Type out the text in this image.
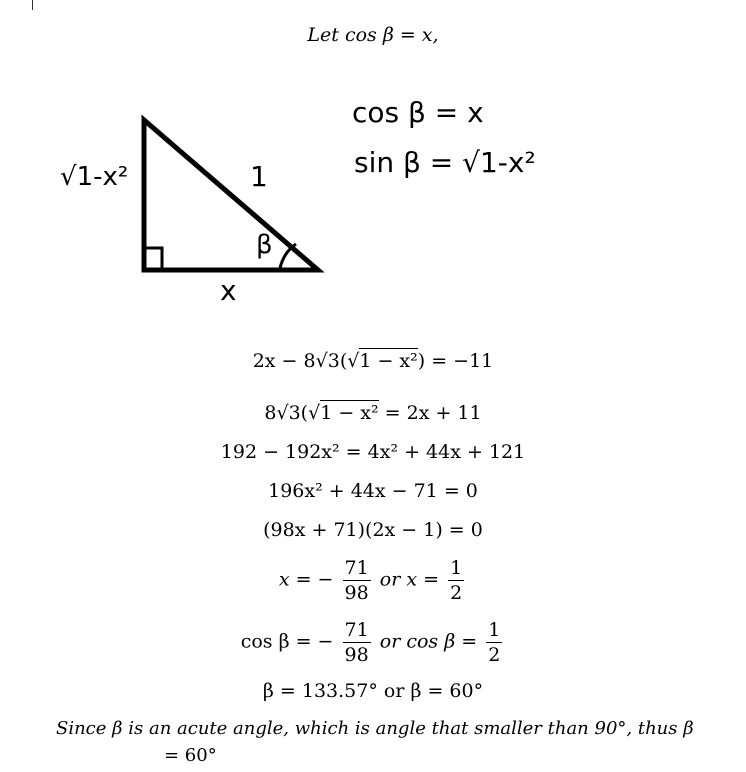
Let cos β = x,
√1-x²	1
β
x
cos β = x
sin β = √1-x²
2x − 8√3(√1 − x²) = −11
8√3(√1 − x² = 2x + 11
192 − 192x² = 4x² + 44x + 121
196x² + 44x − 71 = 0
(98x + 71)(2x − 1) = 0
x = − $\frac{71}{98}$ or $x = \frac{1}{2}$
cos β = − $\frac{71}{98}$ or $\cos \beta = \frac{1}{2}$
β = 133.57° or β = 60°
Since β is an acute angle, which is angle that smaller than 90°, thus β
= 60°
